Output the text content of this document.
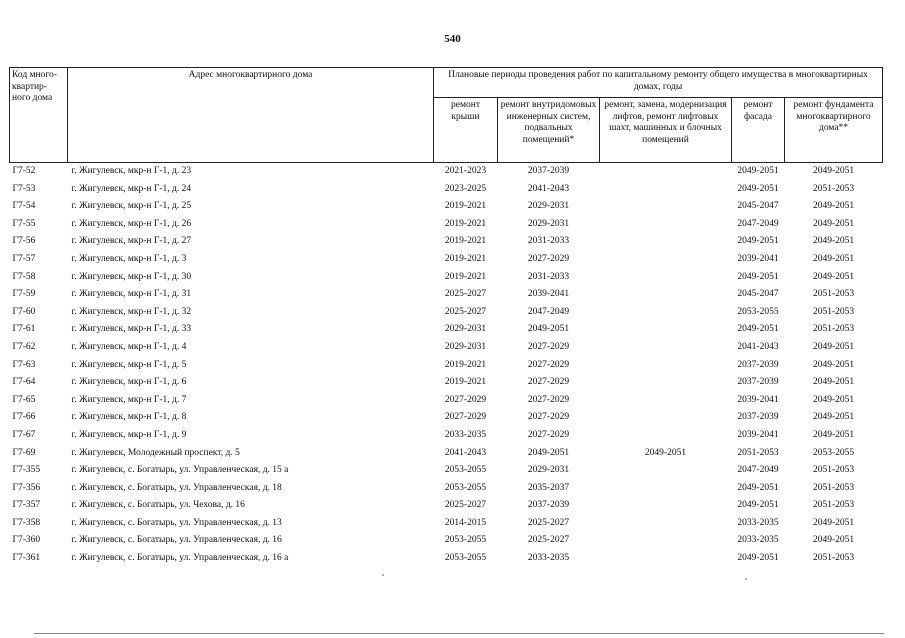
540
Код много-квартир-ного дома	Адрес многоквартирного дома	Плановые периоды проведения работ по капитальному ремонту общего имущества в многоквартирных домах, годы				
		ремонт крыши	ремонт внутридомовых инженерных систем, подвальных помещений*	ремонт, замена, модернизация лифтов, ремонт лифтовых шахт, машинных и блочных помещений	ремонт фасада	ремонт фундамента многоквартирного дома**
Г7-52	г. Жигулевск, мкр-н Г-1, д. 23	2021-2023	2037-2039		2049-2051	2049-2051
Г7-53	г. Жигулевск, мкр-н Г-1, д. 24	2023-2025	2041-2043		2049-2051	2051-2053
Г7-54	г. Жигулевск, мкр-н Г-1, д. 25	2019-2021	2029-2031		2045-2047	2049-2051
Г7-55	г. Жигулевск, мкр-н Г-1, д. 26	2019-2021	2029-2031		2047-2049	2049-2051
Г7-56	г. Жигулевск, мкр-н Г-1, д. 27	2019-2021	2031-2033		2049-2051	2049-2051
Г7-57	г. Жигулевск, мкр-н Г-1, д. 3	2019-2021	2027-2029		2039-2041	2049-2051
Г7-58	г. Жигулевск, мкр-н Г-1, д. 30	2019-2021	2031-2033		2049-2051	2049-2051
Г7-59	г. Жигулевск, мкр-н Г-1, д. 31	2025-2027	2039-2041		2045-2047	2051-2053
Г7-60	г. Жигулевск, мкр-н Г-1, д. 32	2025-2027	2047-2049		2053-2055	2051-2053
Г7-61	г. Жигулевск, мкр-н Г-1, д. 33	2029-2031	2049-2051		2049-2051	2051-2053
Г7-62	г. Жигулевск, мкр-н Г-1, д. 4	2029-2031	2027-2029		2041-2043	2049-2051
Г7-63	г. Жигулевск, мкр-н Г-1, д. 5	2019-2021	2027-2029		2037-2039	2049-2051
Г7-64	г. Жигулевск, мкр-н Г-1, д. 6	2019-2021	2027-2029		2037-2039	2049-2051
Г7-65	г. Жигулевск, мкр-н Г-1, д. 7	2027-2029	2027-2029		2039-2041	2049-2051
Г7-66	г. Жигулевск, мкр-н Г-1, д. 8	2027-2029	2027-2029		2037-2039	2049-2051
Г7-67	г. Жигулевск, мкр-н Г-1, д. 9	2033-2035	2027-2029		2039-2041	2049-2051
Г7-69	г. Жигулевск, Молодежный проспект, д. 5	2041-2043	2049-2051	2049-2051	2051-2053	2053-2055
Г7-355	г. Жигулевск, с. Богатырь, ул. Управленческая, д. 15 а	2053-2055	2029-2031		2047-2049	2051-2053
Г7-356	г. Жигулевск, с. Богатырь, ул. Управленческая, д. 18	2053-2055	2035-2037		2049-2051	2051-2053
Г7-357	г. Жигулевск, с. Богатырь, ул. Чехова, д. 16	2025-2027	2037-2039		2049-2051	2051-2053
Г7-358	г. Жигулевск, с. Богатырь, ул. Управленческая, д. 13	2014-2015	2025-2027		2033-2035	2049-2051
Г7-360	г. Жигулевск, с. Богатырь, ул. Управленческая, д. 16	2053-2055	2025-2027		2033-2035	2049-2051
Г7-361	г. Жигулевск, с. Богатырь, ул. Управленческая, д. 16 а	2053-2055	2033-2035		2049-2051	2051-2053
